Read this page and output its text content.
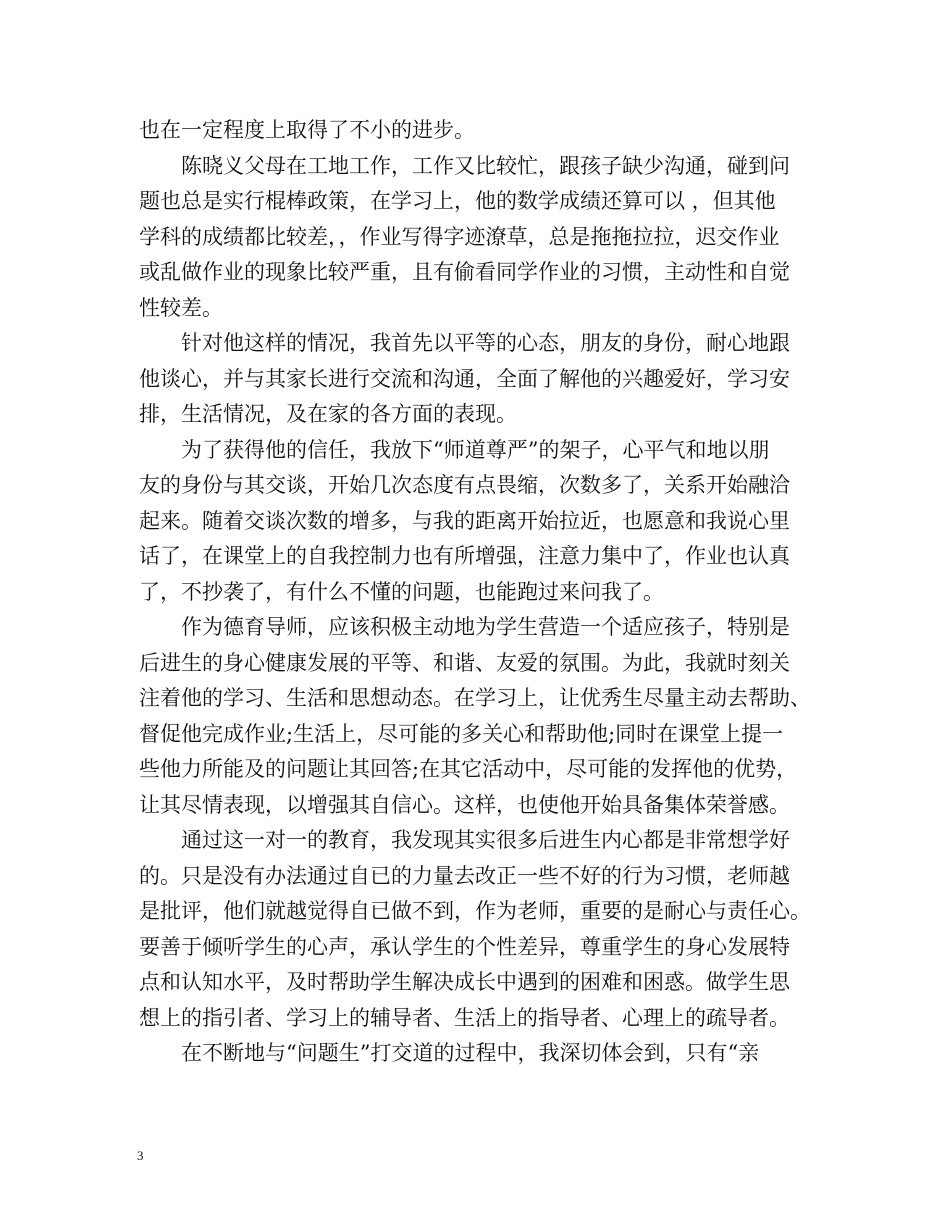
也在一定程度上取得了不小的进步。
陈晓义父母在工地工作，工作又比较忙，跟孩子缺少沟通，碰到问
题也总是实行棍棒政策，在学习上，他的数学成绩还算可以 ，但其他
学科的成绩都比较差，，作业写得字迹潦草，总是拖拖拉拉，迟交作业
或乱做作业的现象比较严重，且有偷看同学作业的习惯，主动性和自觉
性较差。
针对他这样的情况，我首先以平等的心态，朋友的身份，耐心地跟
他谈心，并与其家长进行交流和沟通，全面了解他的兴趣爱好，学习安
排，生活情况，及在家的各方面的表现。
为了获得他的信任，我放下“师道尊严”的架子，心平气和地以朋
友的身份与其交谈，开始几次态度有点畏缩，次数多了，关系开始融洽
起来。随着交谈次数的增多，与我的距离开始拉近，也愿意和我说心里
话了，在课堂上的自我控制力也有所增强，注意力集中了，作业也认真
了，不抄袭了，有什么不懂的问题，也能跑过来问我了。
作为德育导师，应该积极主动地为学生营造一个适应孩子，特别是
后进生的身心健康发展的平等、和谐、友爱的氛围。为此，我就时刻关
注着他的学习、生活和思想动态。在学习上，让优秀生尽量主动去帮助、
督促他完成作业;生活上，尽可能的多关心和帮助他;同时在课堂上提一
些他力所能及的问题让其回答;在其它活动中，尽可能的发挥他的优势，
让其尽情表现，以增强其自信心。这样，也使他开始具备集体荣誉感。
通过这一对一的教育，我发现其实很多后进生内心都是非常想学好
的。只是没有办法通过自已的力量去改正一些不好的行为习惯，老师越
是批评，他们就越觉得自已做不到，作为老师，重要的是耐心与责任心。
要善于倾听学生的心声，承认学生的个性差异，尊重学生的身心发展特
点和认知水平，及时帮助学生解决成长中遇到的困难和困惑。做学生思
想上的指引者、学习上的辅导者、生活上的指导者、心理上的疏导者。
在不断地与“问题生”打交道的过程中，我深切体会到，只有“亲
3
